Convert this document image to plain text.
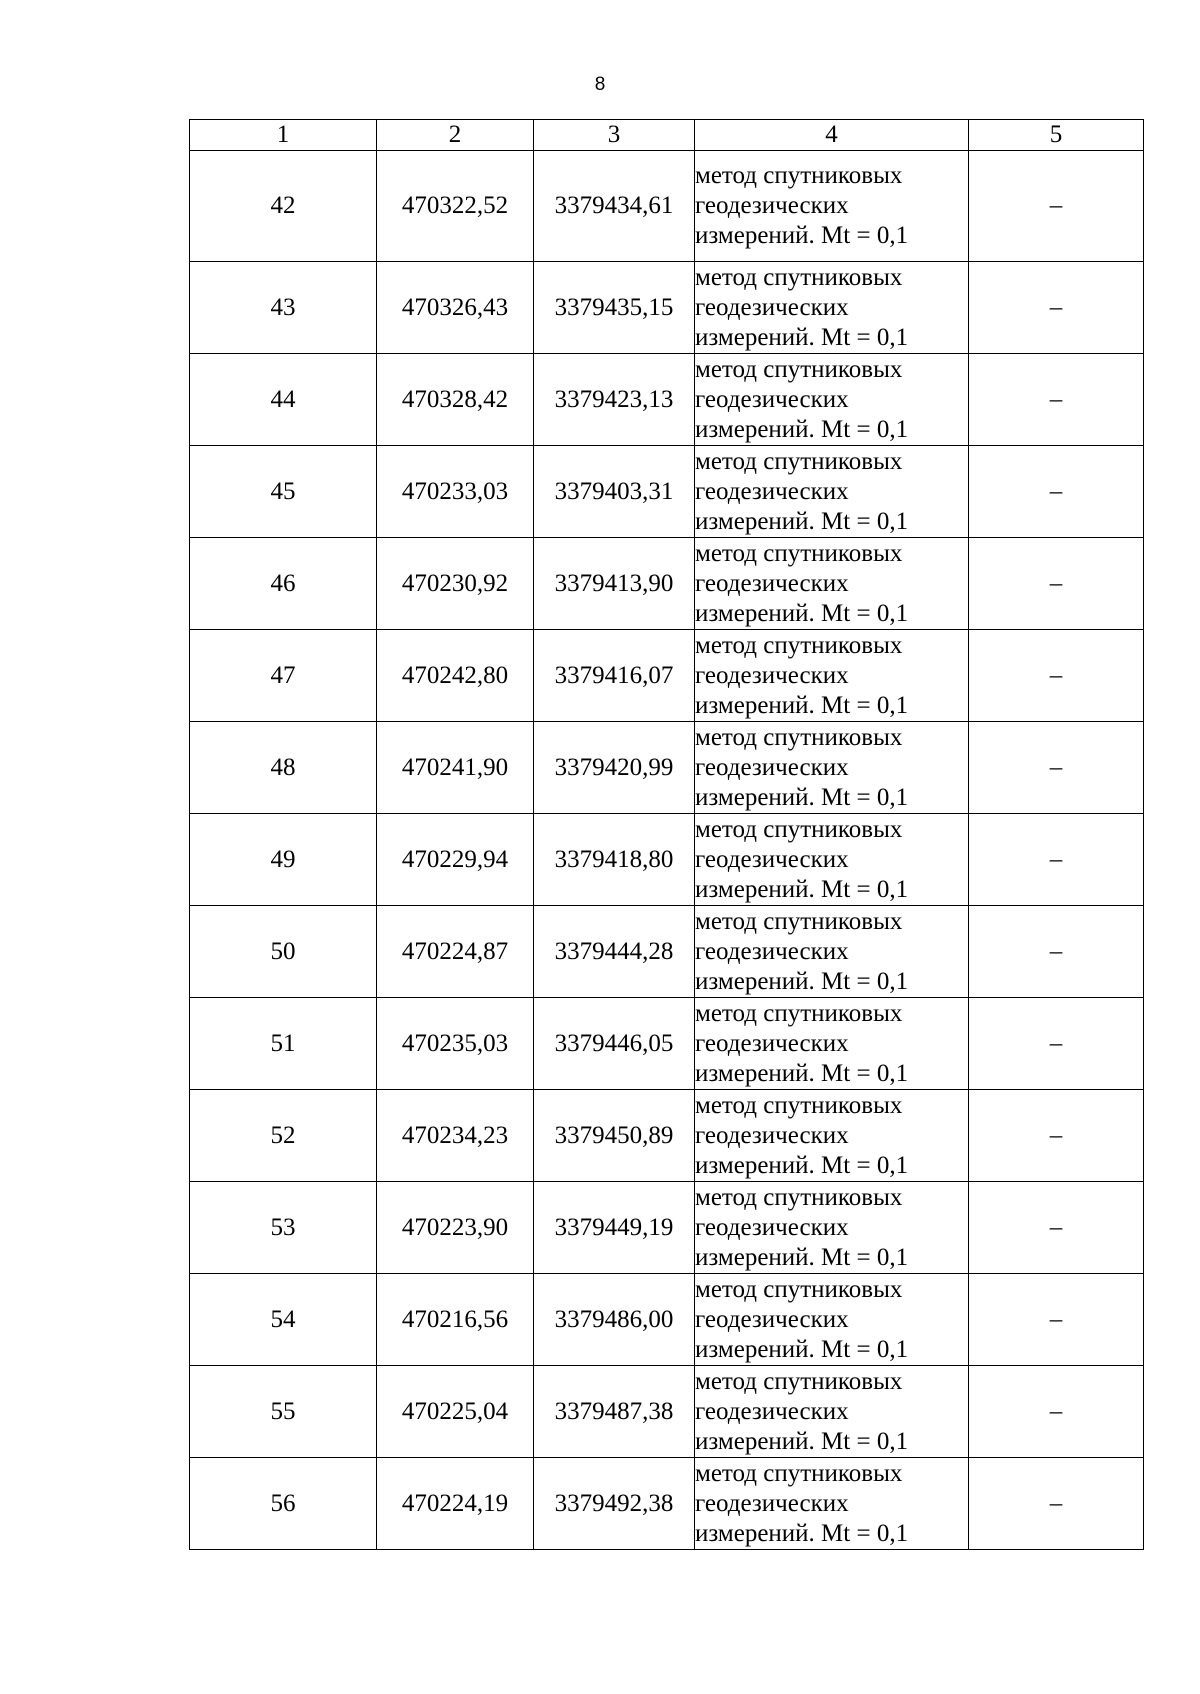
8
1	2	3	4	5
42	470322,52	3379434,61	метод спутниковых геодезических измерений. Mt = 0,1	–
43	470326,43	3379435,15	метод спутниковых геодезических измерений. Mt = 0,1	–
44	470328,42	3379423,13	метод спутниковых геодезических измерений. Mt = 0,1	–
45	470233,03	3379403,31	метод спутниковых геодезических измерений. Mt = 0,1	–
46	470230,92	3379413,90	метод спутниковых геодезических измерений. Mt = 0,1	–
47	470242,80	3379416,07	метод спутниковых геодезических измерений. Mt = 0,1	–
48	470241,90	3379420,99	метод спутниковых геодезических измерений. Mt = 0,1	–
49	470229,94	3379418,80	метод спутниковых геодезических измерений. Mt = 0,1	–
50	470224,87	3379444,28	метод спутниковых геодезических измерений. Mt = 0,1	–
51	470235,03	3379446,05	метод спутниковых геодезических измерений. Mt = 0,1	–
52	470234,23	3379450,89	метод спутниковых геодезических измерений. Mt = 0,1	–
53	470223,90	3379449,19	метод спутниковых геодезических измерений. Mt = 0,1	–
54	470216,56	3379486,00	метод спутниковых геодезических измерений. Mt = 0,1	–
55	470225,04	3379487,38	метод спутниковых геодезических измерений. Mt = 0,1	–
56	470224,19	3379492,38	метод спутниковых геодезических измерений. Mt = 0,1	–
